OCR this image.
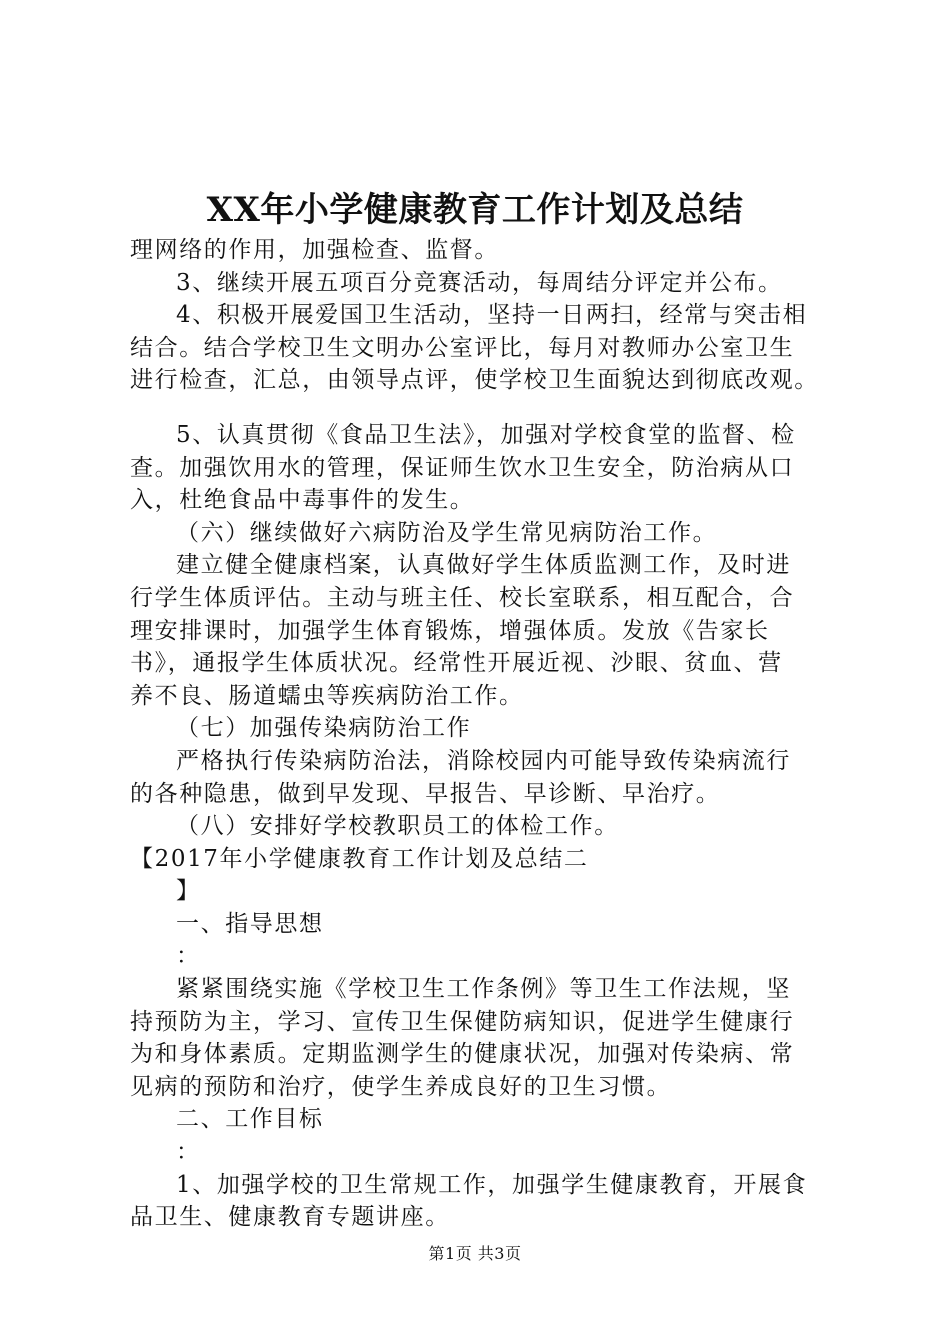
XX年小学健康教育工作计划及总结
理网络的作用，加强检查、监督。
3、继续开展五项百分竞赛活动，每周结分评定并公布。
4、积极开展爱国卫生活动，坚持一日两扫，经常与突击相
结合。结合学校卫生文明办公室评比，每月对教师办公室卫生
进行检查，汇总，由领导点评，使学校卫生面貌达到彻底改观。
5、认真贯彻《食品卫生法》，加强对学校食堂的监督、检
查。加强饮用水的管理，保证师生饮水卫生安全，防治病从口
入，杜绝食品中毒事件的发生。
（六）继续做好六病防治及学生常见病防治工作。
建立健全健康档案，认真做好学生体质监测工作，及时进
行学生体质评估。主动与班主任、校长室联系，相互配合，合
理安排课时，加强学生体育锻炼，增强体质。发放《告家长
书》，通报学生体质状况。经常性开展近视、沙眼、贫血、营
养不良、肠道蠕虫等疾病防治工作。
（七）加强传染病防治工作
严格执行传染病防治法，消除校园内可能导致传染病流行
的各种隐患，做到早发现、早报告、早诊断、早治疗。
（八）安排好学校教职员工的体检工作。
【2017年小学健康教育工作计划及总结二
】
一、指导思想
：
紧紧围绕实施《学校卫生工作条例》等卫生工作法规，坚
持预防为主，学习、宣传卫生保健防病知识，促进学生健康行
为和身体素质。定期监测学生的健康状况，加强对传染病、常
见病的预防和治疗，使学生养成良好的卫生习惯。
二、工作目标
：
1、加强学校的卫生常规工作，加强学生健康教育，开展食
品卫生、健康教育专题讲座。
第1页 共3页
